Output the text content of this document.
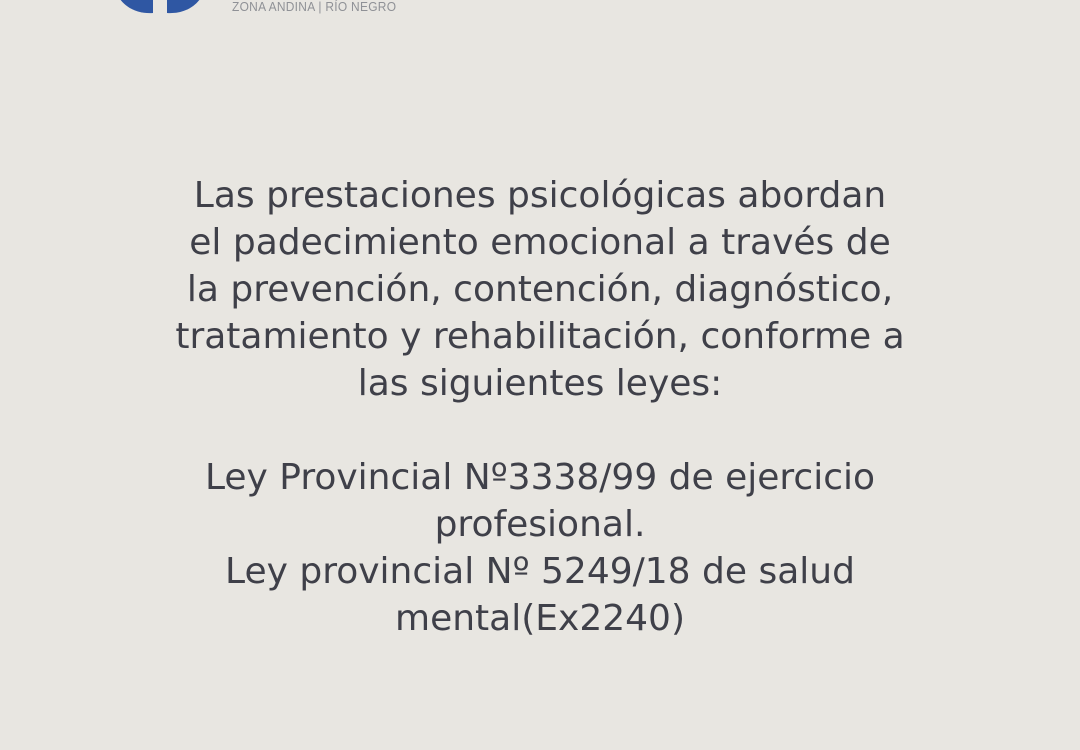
ZONA ANDINA | RÍO NEGRO

Las prestaciones psicológicas abordan
el padecimiento emocional a través de
la prevención, contención, diagnóstico,
tratamiento y rehabilitación, conforme a
las siguientes leyes:

Ley Provincial Nº3338/99 de ejercicio
profesional.
Ley provincial Nº 5249/18 de salud
mental(Ex2240)
